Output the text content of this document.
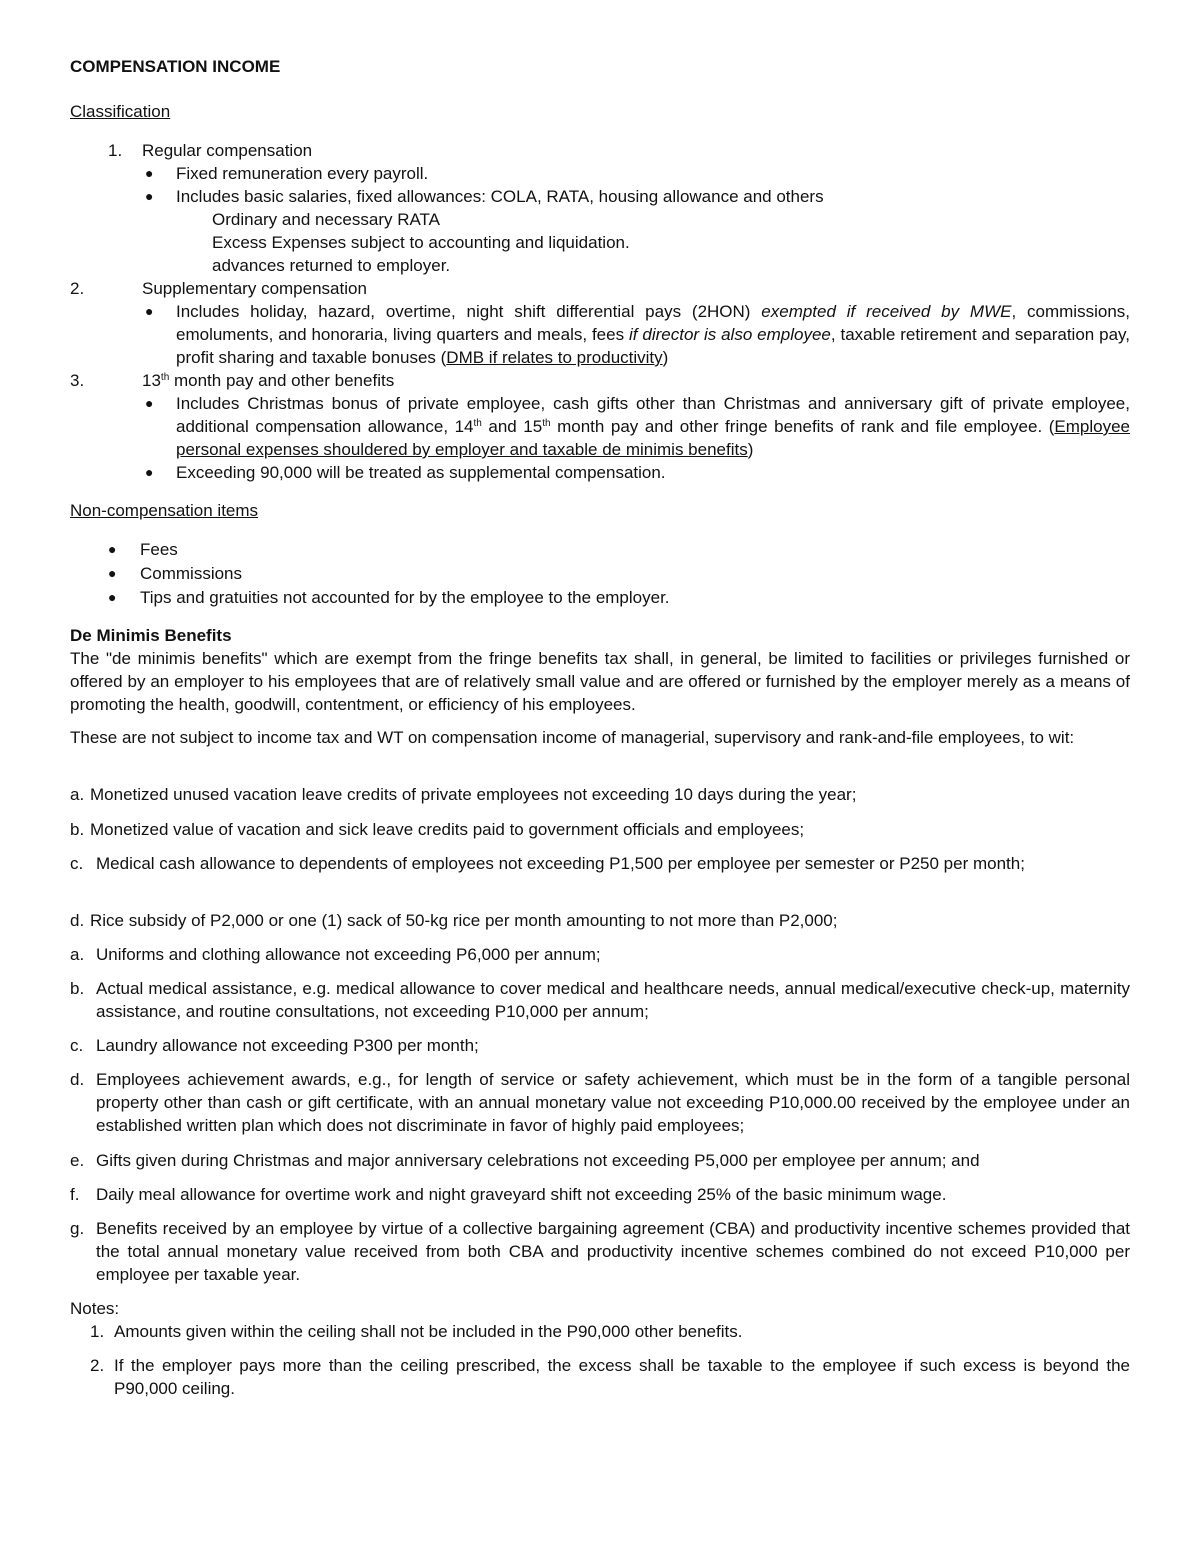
COMPENSATION INCOME
Classification
1. Regular compensation
● Fixed remuneration every payroll.
● Includes basic salaries, fixed allowances: COLA, RATA, housing allowance and others
Ordinary and necessary RATA
Excess Expenses subject to accounting and liquidation.
advances returned to employer.
2.	Supplementary compensation
● Includes holiday, hazard, overtime, night shift differential pays (2HON) exempted if received by MWE, commissions, emoluments, and honoraria, living quarters and meals, fees if director is also employee, taxable retirement and separation pay, profit sharing and taxable bonuses (DMB if relates to productivity)
3.	13th month pay and other benefits
● Includes Christmas bonus of private employee, cash gifts other than Christmas and anniversary gift of private employee, additional compensation allowance, 14th and 15th month pay and other fringe benefits of rank and file employee. (Employee personal expenses shouldered by employer and taxable de minimis benefits)
● Exceeding 90,000 will be treated as supplemental compensation.
Non-compensation items
● Fees
● Commissions
● Tips and gratuities not accounted for by the employee to the employer.
De Minimis Benefits
The "de minimis benefits" which are exempt from the fringe benefits tax shall, in general, be limited to facilities or privileges furnished or offered by an employer to his employees that are of relatively small value and are offered or furnished by the employer merely as a means of promoting the health, goodwill, contentment, or efficiency of his employees.
These are not subject to income tax and WT on compensation income of managerial, supervisory and rank-and-file employees, to wit:
a. Monetized unused vacation leave credits of private employees not exceeding 10 days during the year;
b. Monetized value of vacation and sick leave credits paid to government officials and employees;
c. Medical cash allowance to dependents of employees not exceeding P1,500 per employee per semester or P250 per month;
d. Rice subsidy of P2,000 or one (1) sack of 50-kg rice per month amounting to not more than P2,000;
a. Uniforms and clothing allowance not exceeding P6,000 per annum;
b. Actual medical assistance, e.g. medical allowance to cover medical and healthcare needs, annual medical/executive check-up, maternity assistance, and routine consultations, not exceeding P10,000 per annum;
c. Laundry allowance not exceeding P300 per month;
d. Employees achievement awards, e.g., for length of service or safety achievement, which must be in the form of a tangible personal property other than cash or gift certificate, with an annual monetary value not exceeding P10,000.00 received by the employee under an established written plan which does not discriminate in favor of highly paid employees;
e. Gifts given during Christmas and major anniversary celebrations not exceeding P5,000 per employee per annum; and
f. Daily meal allowance for overtime work and night graveyard shift not exceeding 25% of the basic minimum wage.
g. Benefits received by an employee by virtue of a collective bargaining agreement (CBA) and productivity incentive schemes provided that the total annual monetary value received from both CBA and productivity incentive schemes combined do not exceed P10,000 per employee per taxable year.
Notes:
1. Amounts given within the ceiling shall not be included in the P90,000 other benefits.
2. If the employer pays more than the ceiling prescribed, the excess shall be taxable to the employee if such excess is beyond the P90,000 ceiling.
